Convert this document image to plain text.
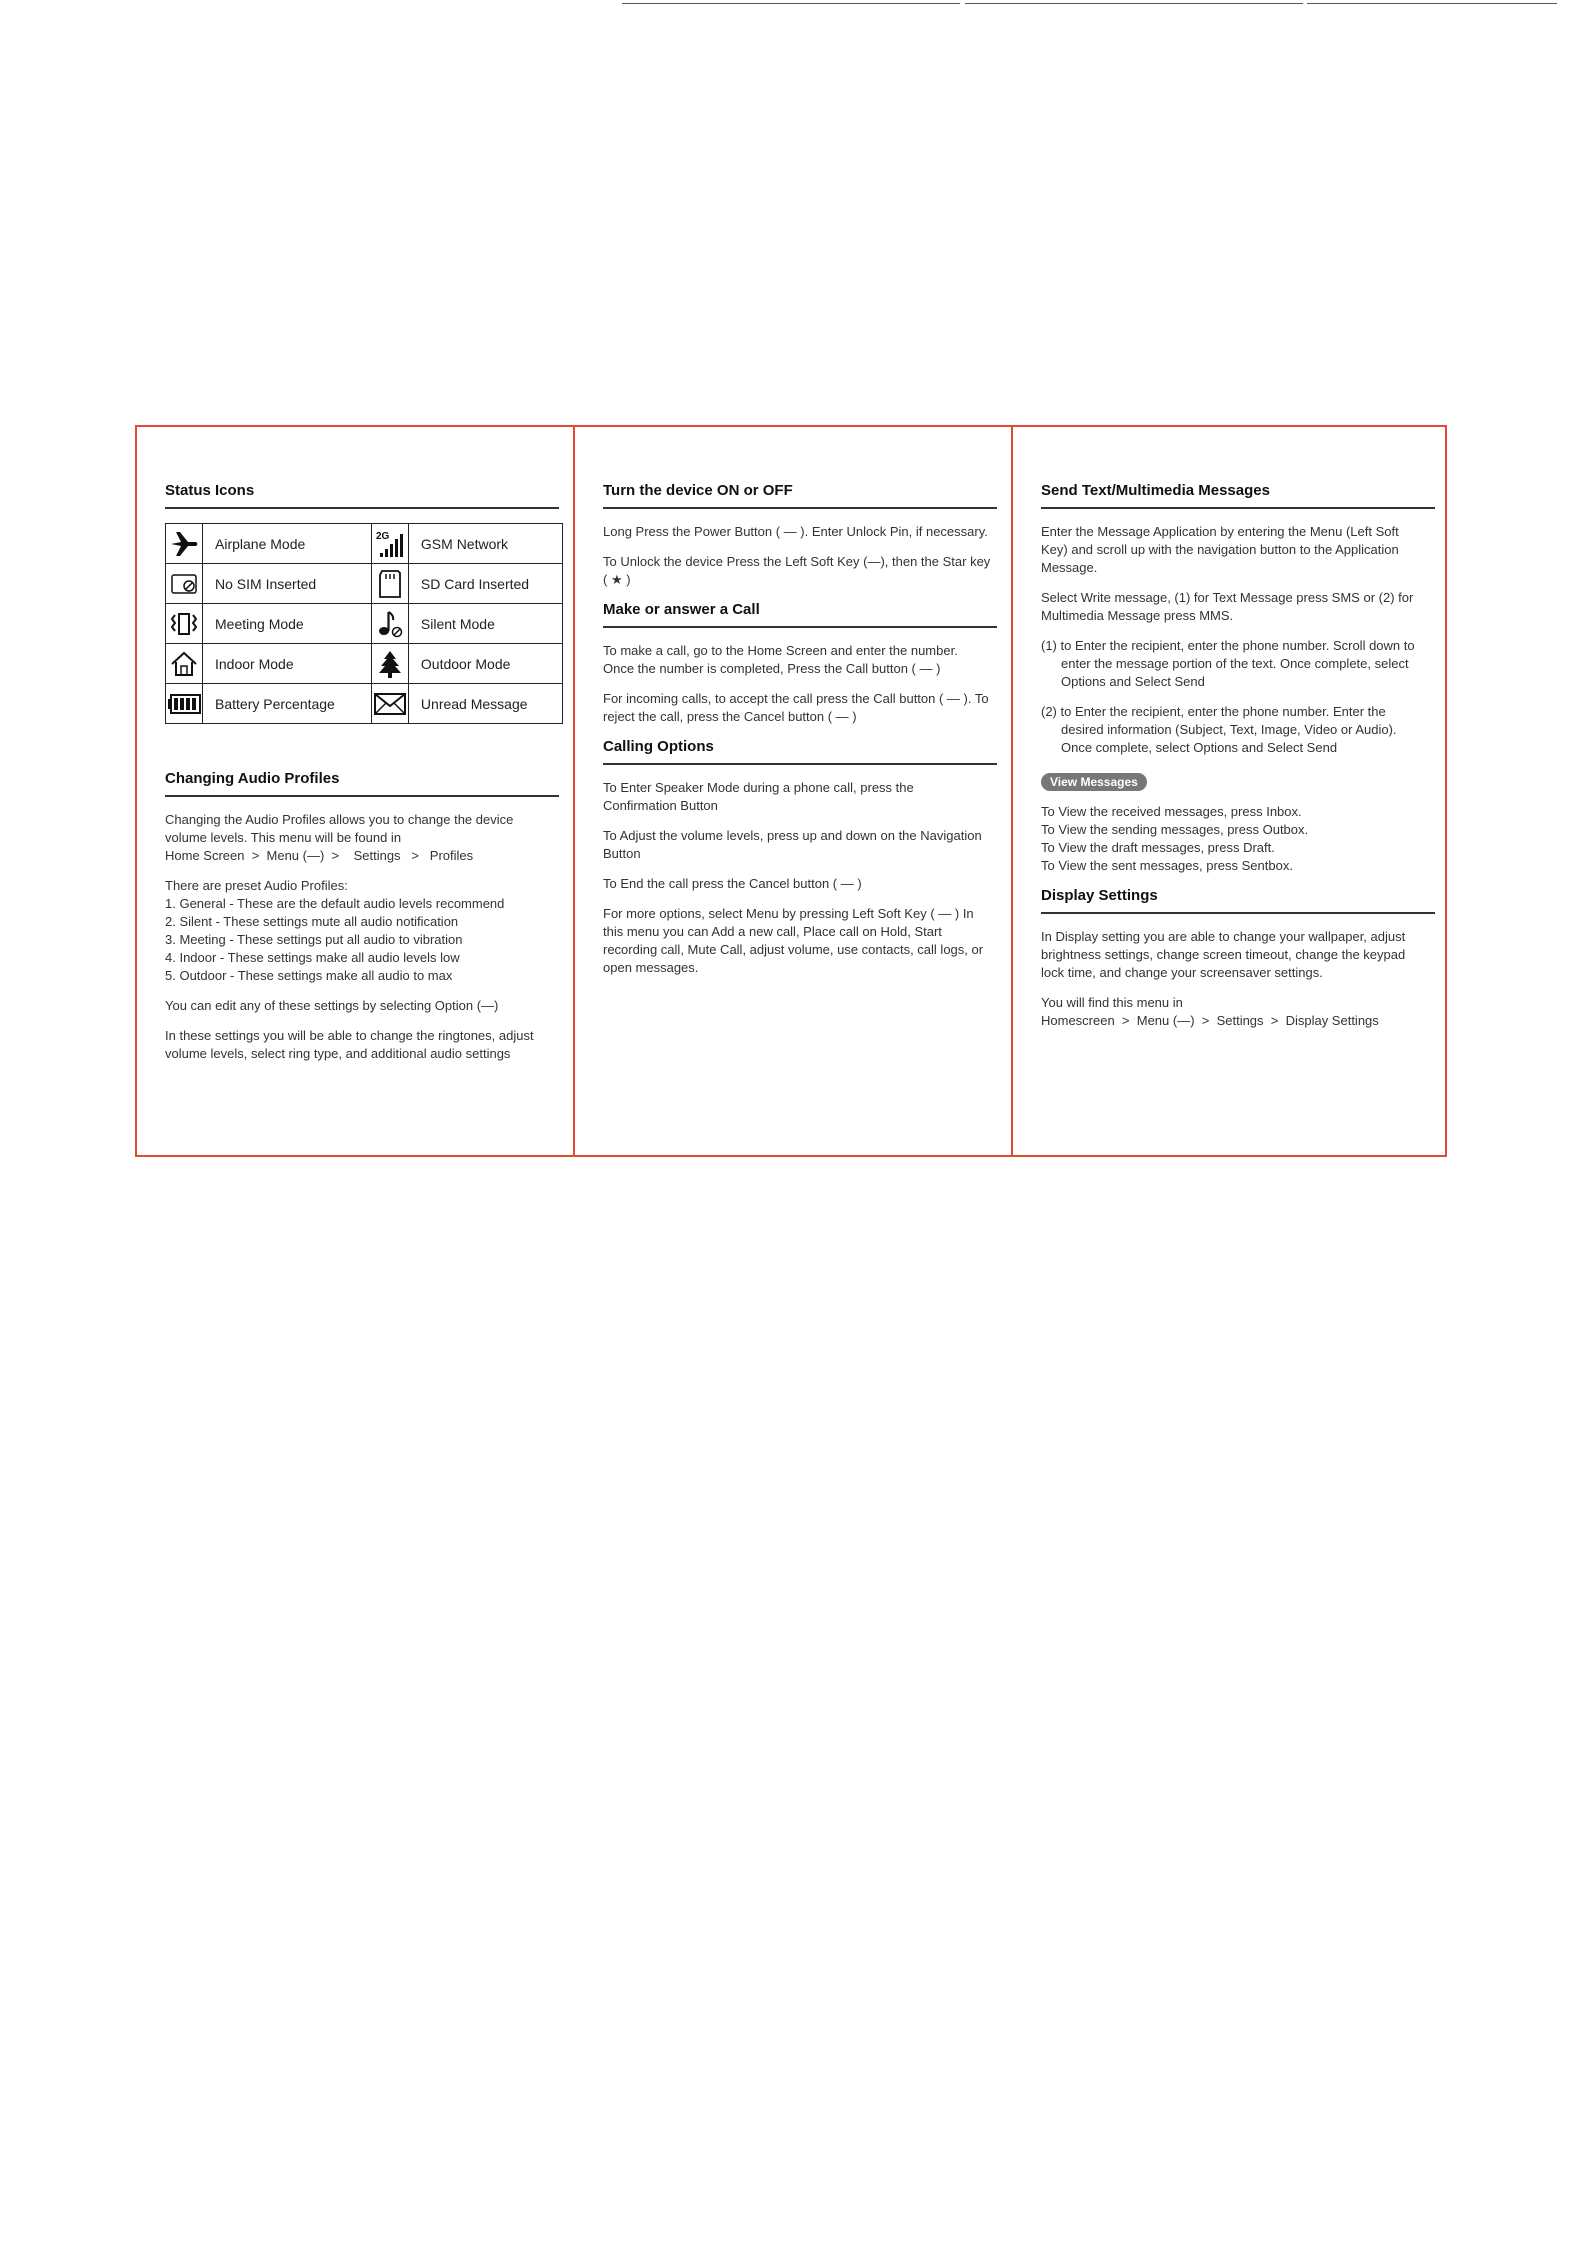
Status Icons
	Airplane Mode	2G	GSM Network

	No SIM Inserted		SD Card Inserted

	Meeting Mode		Silent Mode

	Indoor Mode		Outdoor Mode

	Battery Percentage		Unread Message
Changing Audio Profiles
Changing the Audio Profiles allows you to change the device volume levels. This menu will be found in
Home Screen  >  Menu (—)  >    Settings   >   Profiles
There are preset Audio Profiles:
1. General - These are the default audio levels recommend
2. Silent - These settings mute all audio notification
3. Meeting - These settings put all audio to vibration
4. Indoor - These settings make all audio levels low
5. Outdoor - These settings make all audio to max
You can edit any of these settings by selecting Option (—)
In these settings you will be able to change the ringtones, adjust volume levels, select ring type, and additional audio settings
Turn the device ON or OFF
Long Press the Power Button ( — ). Enter Unlock Pin, if necessary.
To Unlock the device Press the Left Soft Key (—), then the Star key ( ★ )
Make or answer a Call
To make a call, go to the Home Screen and enter the number. Once the number is completed, Press the Call button ( — )
For incoming calls, to accept the call press the Call button ( — ). To reject the call, press the Cancel button ( — )
Calling Options
To Enter Speaker Mode during a phone call, press the Confirmation Button
To Adjust the volume levels, press up and down on the Navigation Button
To End the call press the Cancel button ( — )
For more options, select Menu by pressing Left Soft Key ( — ) In this menu you can Add a new call, Place call on Hold, Start recording call, Mute Call, adjust volume, use contacts, call logs, or open messages.
Send Text/Multimedia Messages
Enter the Message Application by entering the Menu (Left Soft Key) and scroll up with the navigation button to the Application Message.
Select Write message, (1) for Text Message press SMS or (2) for Multimedia Message press MMS.
(1) to Enter the recipient, enter the phone number. Scroll down to enter the message portion of the text. Once complete, select Options and Select Send
(2) to Enter the recipient, enter the phone number. Enter the desired information (Subject, Text, Image, Video or Audio). Once complete, select Options and Select Send
View Messages
To View the received messages, press Inbox.
To View the sending messages, press Outbox.
To View the draft messages, press Draft.
To View the sent messages, press Sentbox.
Display Settings
In Display setting you are able to change your wallpaper, adjust brightness settings, change screen timeout, change the keypad lock time, and change your screensaver settings.
You will find this menu in
Homescreen  >  Menu (—)  >  Settings  >  Display Settings
